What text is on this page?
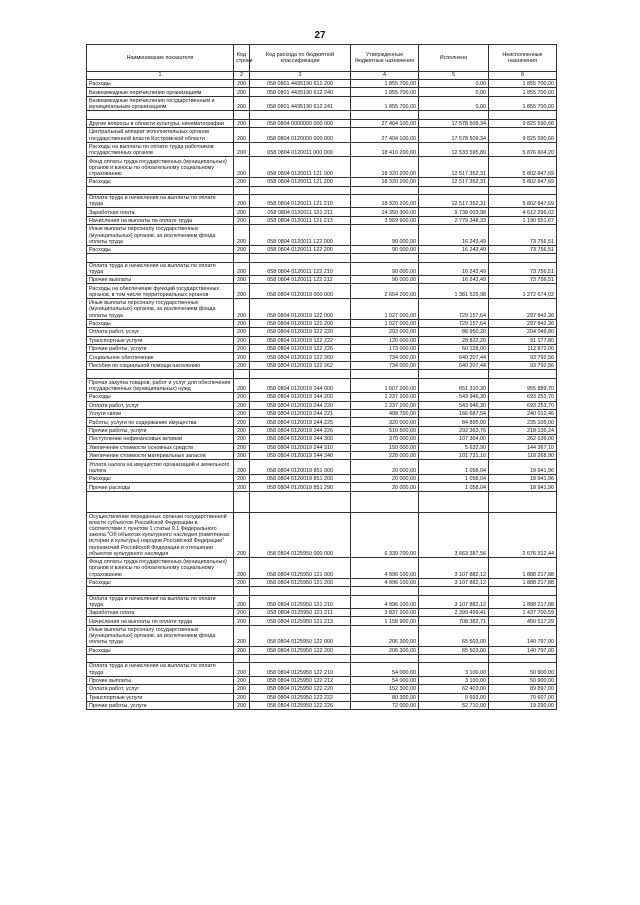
27
Наименование показателя	Код строки	Код расхода по бюджетной классификации	Утвержденные бюджетные назначения	Исполнено	Неисполненные назначения
1	2	3	4	5	6
Расходы	200	058 0801 4435190 612 200	1 855 700,00	0,00	1 855 700,00
Безвозмездные перечисления организациям	200	058 0801 4435190 612 240	1 855 700,00	0,00	1 855 700,00
Безвозмездные перечисления государственным и муниципальным организациям	200	058 0801 4435190 612 241	1 855 700,00	0,00	1 855 700,00

Другие вопросы в области культуры, кинематографии	200	058 0804 0000000 000 000	27 404 100,00	17 578 509,34	9 825 590,66
Центральный аппарат исполнительных органов государственной власти Костромской области	200	058 0804 0120000 000 000	27 404 100,00	17 578 509,34	9 825 590,66
Расходы на выплаты по оплате труда работников государственных органов	200	058 0804 0120011 000 000	18 410 200,00	12 533 595,80	5 876 604,20
Фонд оплаты труда государственных (муниципальных) органов и взносы по обязательному социальному страхованию	200	058 0804 0120011 121 000	18 320 200,00	12 517 352,31	5 802 847,69
Расходы	200	058 0804 0120011 121 200	18 320 200,00	12 517 352,31	5 802 847,69

Оплата труда и начисления на выплаты по оплате труда	200	058 0804 0120011 121 210	18 320 200,00	12 517 352,31	5 802 847,69
Заработная плата	200	058 0804 0120011 121 211	14 350 300,00	9 738 003,98	4 612 296,02
Начисления на выплаты по оплате труда	200	058 0804 0120011 121 213	3 969 900,00	2 779 348,33	1 190 551,67
Иные выплаты персоналу государственных (муниципальных) органов, за исключением фонда оплаты труда	200	058 0804 0120011 122 000	90 000,00	16 243,49	73 756,51
Расходы	200	058 0804 0120011 122 200	90 000,00	16 243,49	73 756,51

Оплата труда и начисления на выплаты по оплате труда	200	058 0804 0120011 122 210	90 000,00	16 243,49	73 756,51
Прочие выплаты	200	058 0804 0120011 122 212	90 000,00	16 243,49	73 756,51
Расходы на обеспечение функций государственных органов, в том числе территориальных органов	200	058 0804 0120019 000 000	2 654 200,00	1 381 525,98	1 272 674,02
Иные выплаты персоналу государственных (муниципальных) органов, за исключением фонда оплаты труда	200	058 0804 0120019 122 000	1 027 000,00	729 157,64	297 842,36
Расходы	200	058 0804 0120019 122 200	1 027 000,00	729 157,64	297 842,36
Оплата работ, услуг	200	058 0804 0120019 122 220	293 000,00	88 950,20	204 049,80
Транспортные услуги	200	058 0804 0120019 122 222	120 000,00	28 822,20	91 177,80
Прочие работы, услуги	200	058 0804 0120019 122 226	173 000,00	60 128,00	112 872,00
Социальное обеспечение	200	058 0804 0120019 122 260	734 000,00	640 207,44	93 792,56
Пособия по социальной помощи населению	200	058 0804 0120019 122 262	734 000,00	640 207,44	93 792,56

Прочая закупка товаров, работ и услуг для обеспечения государственных (муниципальных) нужд	200	058 0804 0120019 244 000	1 607 200,00	651 310,30	955 889,70
Расходы	200	058 0804 0120019 244 200	1 237 200,00	543 946,30	693 253,70
Оплата работ, услуг	200	058 0804 0120019 244 220	1 237 200,00	543 946,30	693 253,70
Услуги связи	200	058 0804 0120019 244 221	408 700,00	166 687,54	240 012,46
Работы, услуги по содержанию имущества	200	058 0804 0120019 244 225	320 000,00	84 895,00	235 105,00
Прочие работы, услуги	200	058 0804 0120019 244 226	510 500,00	292 363,76	218 136,24
Поступление нефинансовых активов	200	058 0804 0120019 244 300	370 000,00	107 364,00	262 636,00
Увеличение стоимости основных средств	200	058 0804 0120019 244 310	150 000,00	5 632,90	144 367,10
Увеличение стоимости материальных запасов	200	058 0804 0120019 244 340	220 000,00	101 731,10	118 268,90
Уплата налога на имущество организаций и земельного налога	200	058 0804 0120019 851 000	20 000,00	1 058,04	18 941,96
Расходы	200	058 0804 0120019 851 200	20 000,00	1 058,04	18 941,96
Прочие расходы	200	058 0804 0120019 851 290	20 000,00	1 058,04	18 941,96

Осуществление переданных органам государственной власти субъектов Российской Федерации в соответствии с пунктом 1 статьи 9.1 Федерального закона "Об объектах культурного наследия (памятниках истории и культуры) народов Российской Федерации" полномочий Российской Федерации в отношении объектов культурного наследия	200	058 0804 0125950 000 000	6 339 700,00	3 663 387,56	2 676 312,44
Фонд оплаты труда государственных (муниципальных) органов и взносы по обязательному социальному страхованию	200	058 0804 0125950 121 000	4 996 100,00	3 107 882,12	1 888 217,88
Расходы	200	058 0804 0125950 121 200	4 996 100,00	3 107 882,12	1 888 217,88

Оплата труда и начисления на выплаты по оплате труда	200	058 0804 0125950 121 210	4 996 100,00	3 107 882,12	1 888 217,88
Заработная плата	200	058 0804 0125950 121 211	3 837 200,00	2 399 499,41	1 437 700,59
Начисления на выплаты по оплате труда	200	058 0804 0125950 121 213	1 158 900,00	708 382,71	450 517,29
Иные выплаты персоналу государственных (муниципальных) органов, за исключением фонда оплаты труда	200	058 0804 0125950 122 000	206 300,00	65 503,00	140 797,00
Расходы	200	058 0804 0125950 122 200	206 300,00	65 503,00	140 797,00

Оплата труда и начисления на выплаты по оплате труда	200	058 0804 0125950 122 210	54 000,00	3 100,00	50 900,00
Прочие выплаты	200	058 0804 0125950 122 212	54 000,00	3 100,00	50 900,00
Оплата работ, услуг	200	058 0804 0125950 122 220	152 300,00	62 403,00	89 897,00
Транспортные услуги	200	058 0804 0125950 122 222	80 300,00	9 693,00	70 607,00
Прочие работы, услуги	200	058 0804 0125950 122 226	72 000,00	52 710,00	19 290,00
